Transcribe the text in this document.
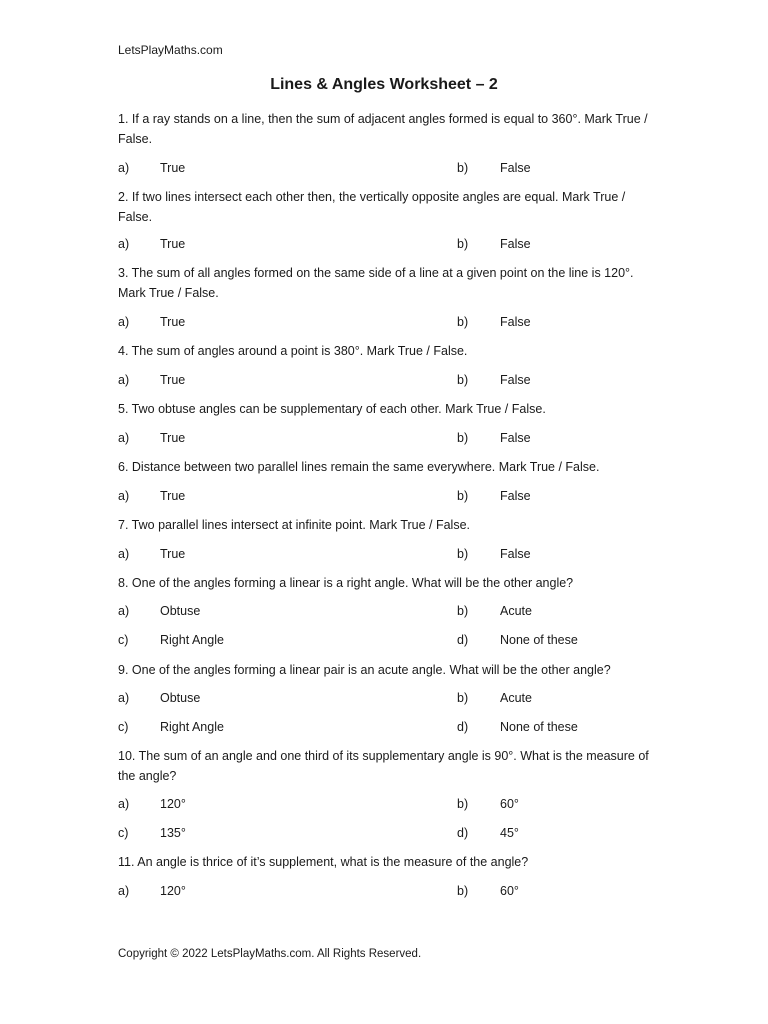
LetsPlayMaths.com
Lines & Angles Worksheet – 2
1. If a ray stands on a line, then the sum of adjacent angles formed is equal to 360°. Mark True / False.
a) True	b)	False
2. If two lines intersect each other then, the vertically opposite angles are equal. Mark True / False.
a) True	b)	False
3. The sum of all angles formed on the same side of a line at a given point on the line is 120°. Mark True / False.
a) True	b)	False
4. The sum of angles around a point is 380°. Mark True / False.
a) True	b)	False
5. Two obtuse angles can be supplementary of each other. Mark True / False.
a) True	b)	False
6. Distance between two parallel lines remain the same everywhere. Mark True / False.
a) True	b)	False
7. Two parallel lines intersect at infinite point. Mark True / False.
a) True	b)	False
8. One of the angles forming a linear is a right angle. What will be the other angle?
a) Obtuse	b)	Acute
c)	Right Angle	d)	None of these
9. One of the angles forming a linear pair is an acute angle. What will be the other angle?
a) Obtuse	b)	Acute
c)	Right Angle	d)	None of these
10. The sum of an angle and one third of its supplementary angle is 90°. What is the measure of the angle?
a) 120°	b)	60°
c)	135°	d)	45°
11. An angle is thrice of it’s supplement, what is the measure of the angle?
a) 120°	b)	60°
Copyright © 2022 LetsPlayMaths.com. All Rights Reserved.
